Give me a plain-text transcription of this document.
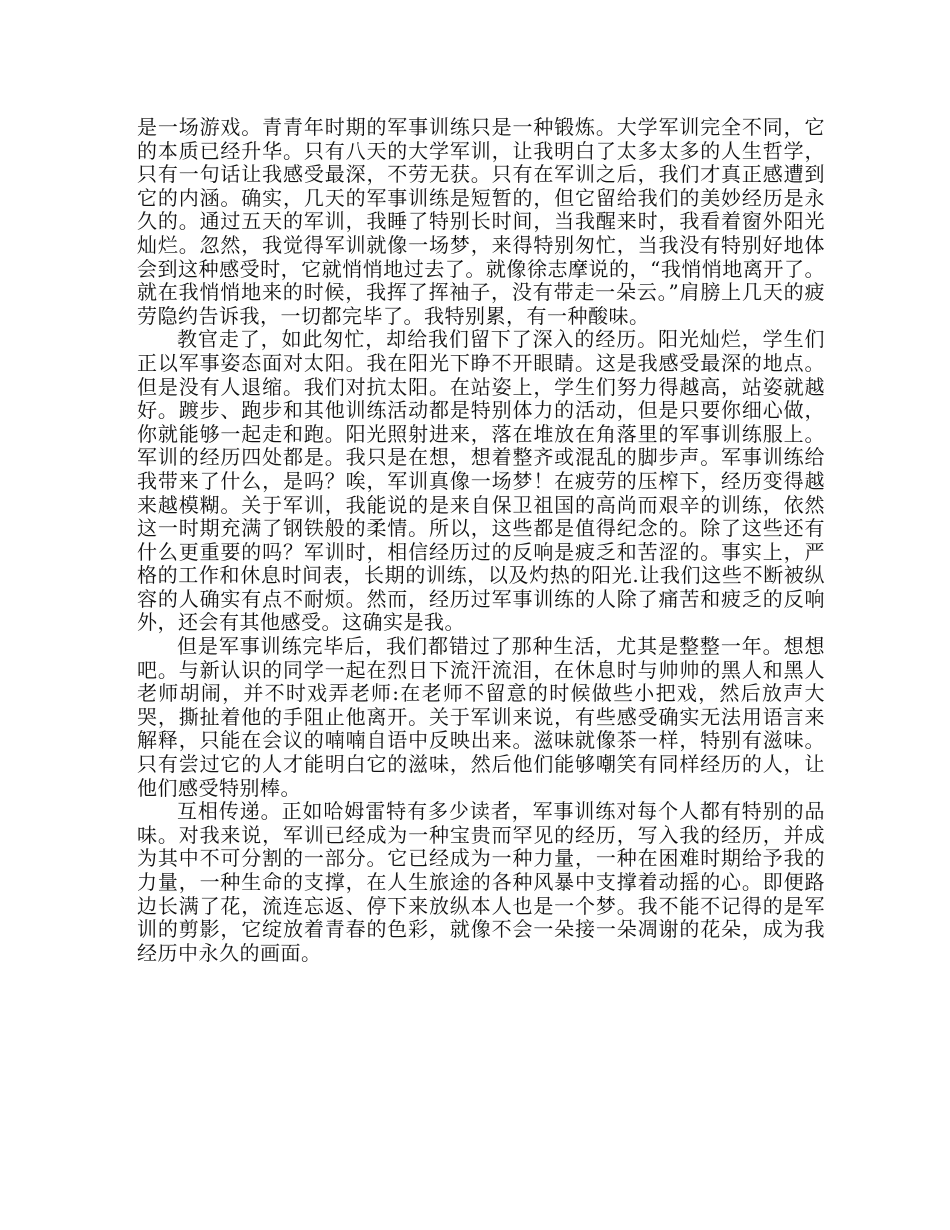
是一场游戏。青青年时期的军事训练只是一种锻炼。大学军训完全不同，它的本质已经升华。只有八天的大学军训，让我明白了太多太多的人生哲学，只有一句话让我感受最深，不劳无获。只有在军训之后，我们才真正感遭到它的内涵。确实，几天的军事训练是短暂的，但它留给我们的美妙经历是永久的。通过五天的军训，我睡了特别长时间，当我醒来时，我看着窗外阳光灿烂。忽然，我觉得军训就像一场梦，来得特别匆忙，当我没有特别好地体会到这种感受时，它就悄悄地过去了。就像徐志摩说的，“我悄悄地离开了。就在我悄悄地来的时候，我挥了挥袖子，没有带走一朵云。”肩膀上几天的疲劳隐约告诉我，一切都完毕了。我特别累，有一种酸味。

教官走了，如此匆忙，却给我们留下了深入的经历。阳光灿烂，学生们正以军事姿态面对太阳。我在阳光下睁不开眼睛。这是我感受最深的地点。但是没有人退缩。我们对抗太阳。在站姿上，学生们努力得越高，站姿就越好。踱步、跑步和其他训练活动都是特别体力的活动，但是只要你细心做，你就能够一起走和跑。阳光照射进来，落在堆放在角落里的军事训练服上。军训的经历四处都是。我只是在想，想着整齐或混乱的脚步声。军事训练给我带来了什么，是吗？唉，军训真像一场梦！在疲劳的压榨下，经历变得越来越模糊。关于军训，我能说的是来自保卫祖国的高尚而艰辛的训练，依然这一时期充满了钢铁般的柔情。所以，这些都是值得纪念的。除了这些还有什么更重要的吗？军训时，相信经历过的反响是疲乏和苦涩的。事实上，严格的工作和休息时间表，长期的训练，以及灼热的阳光.让我们这些不断被纵容的人确实有点不耐烦。然而，经历过军事训练的人除了痛苦和疲乏的反响外，还会有其他感受。这确实是我。

但是军事训练完毕后，我们都错过了那种生活，尤其是整整一年。想想吧。与新认识的同学一起在烈日下流汗流泪，在休息时与帅帅的黑人和黑人老师胡闹，并不时戏弄老师:在老师不留意的时候做些小把戏，然后放声大哭，撕扯着他的手阻止他离开。关于军训来说，有些感受确实无法用语言来解释，只能在会议的喃喃自语中反映出来。滋味就像茶一样，特别有滋味。只有尝过它的人才能明白它的滋味，然后他们能够嘲笑有同样经历的人，让他们感受特别棒。

互相传递。正如哈姆雷特有多少读者，军事训练对每个人都有特别的品味。对我来说，军训已经成为一种宝贵而罕见的经历，写入我的经历，并成为其中不可分割的一部分。它已经成为一种力量，一种在困难时期给予我的力量，一种生命的支撑，在人生旅途的各种风暴中支撑着动摇的心。即便路边长满了花，流连忘返、停下来放纵本人也是一个梦。我不能不记得的是军训的剪影，它绽放着青春的色彩，就像不会一朵接一朵凋谢的花朵，成为我经历中永久的画面。
